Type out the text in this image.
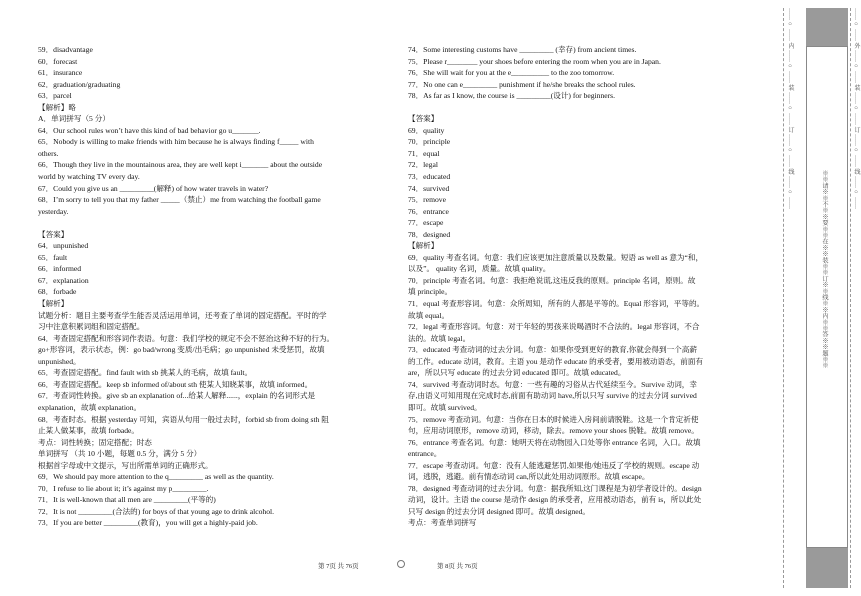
59．disadvantage
60．forecast
61．insurance
62．graduation/graduating
63．parcel
【解析】略
A．单词拼写（5 分）
64．Our school rules won’t have this kind of bad behavior go u_______.
65．Nobody is willing to make friends with him because he is always finding f_____ with
others.
66．Though they live in the mountainous area, they are well kept i_______ about the outside
world by watching TV every day.
67．Could you give us an _________(解释) of how water travels in water?
68．I’m sorry to tell you that my father _____（禁止）me from watching the football game
yesterday.

【答案】
64．unpunished
65．fault
66．informed
67．explanation
68．forbade
【解析】
试题分析：题目主要考查学生能否灵活运用单词，还考查了单词的固定搭配。平时的学
习中注意积累词组和固定搭配。
64．考查固定搭配和形容词作表语。句意：我们学校的规定不会不惩治这种不好的行为。
go+形容词，表示状态，例：go bad/wrong 变质/出毛病；go unpunished 未受惩罚，故填
unpunished。
65．考查固定搭配。find fault with sb 挑某人的毛病，故填 fault。
66．考查固定搭配。keep sb informed of/about sth 使某人知晓某事，故填 informed。
67．考查词性转换。give sb an explanation of...给某人解释......，explain 的名词形式是
explanation，故填 explanation。
68．考查时态。根据 yesterday 可知，宾语从句用一般过去时，forbid sb from doing sth 阻
止某人做某事，故填 forbade。
考点：词性转换；固定搭配；时态
单词拼写 （共 10 小题，每题 0.5 分，满分 5 分）
根据首字母或中文提示，写出所需单词的正确形式。
69．We should pay more attention to the q_________ as well as the quantity.
70．I refuse to lie about it; it’s against my p_________.
71．It is well-known that all men are _________(平等的)
72．It is not _________(合法的) for boys of that young age to drink alcohol.
73．If you are better _________(教育)，you will get a highly-paid job.
74．Some interesting customs have _________ (幸存) from ancient times.
75．Please r________ your shoes before entering the room when you are in Japan.
76．She will wait for you at the e__________ to the zoo tomorrow.
77．No one can e_________ punishment if he/she breaks the school rules.
78．As far as I know, the course is _________(设计) for beginners.

【答案】
69．quality
70．principle
71．equal
72．legal
73．educated
74．survived
75．remove
76．entrance
77．escape
78．designed
【解析】
69．quality 考查名词。句意：我们应该更加注意质量以及数量。短语 as well as 意为“和，
以及”。 quality 名词，质量。故填 quality。
70．principle 考查名词。句意：我拒绝说谎,这违反我的原则。principle 名词，原则。故
填 principle。
71．equal 考查形容词。句意：众所周知，所有的人都是平等的。Equal 形容词，平等的。
故填 equal。
72．legal 考查形容词。句意：对于年轻的男孩来说喝酒时不合法的。legal 形容词，不合
法的。故填 legal。
73．educated 考查动词的过去分词。句意：如果你受到更好的教育,你就会得到一个高薪
的工作。educate 动词，教育。主语 you 是动作 educate 的承受者，要用被动语态，前面有
are，所以只写 educate 的过去分词 educated 即可。故填 educated。
74．survived 考查动词时态。句意：一些有趣的习俗从古代延续至今。Survive 动词，幸
存,由语义可知用现在完成时态,前面有助动词 have,所以只写 survive 的过去分词 survived
即可。故填 survived。
75．remove 考查动词。句意：当你在日本的时候进入房间前请脱鞋。这是一个肯定祈使
句，应用动词原形，remove 动词，移动，除去。remove your shoes 脱鞋。故填 remove。
76．entrance 考查名词。句意：她明天将在动物园入口处等你 entrance 名词，入口。故填
entrance。
77．escape 考查动词。句意：没有人能逃避惩罚,如果他/她违反了学校的规则。escape 动
词，逃脱，逃避。前有情态动词 can,所以此处用动词原形。故填 escape。
78．designed 考查动词的过去分词。句意：据我所知,这门课程是为初学者设计的。design
动词，设计。主语 the course 是动作 design 的承受者，应用被动语态，前有 is，所以此处
只写 design 的过去分词 designed 即可。故填 designed。
考点：考查单词拼写
第 7页 共 76页	第 8页 共 76页
…… ○ …… 内 …… ○ …… 装 …… ○ …… 订 …… ○ …… 线 …… ○ ……
※※请※※不※※要※※在※※装※※订※※线※※内※※答※※题※※
…… ○ …… 外 …… ○ …… 装 …… ○ …… 订 …… ○ …… 线 …… ○ ……
